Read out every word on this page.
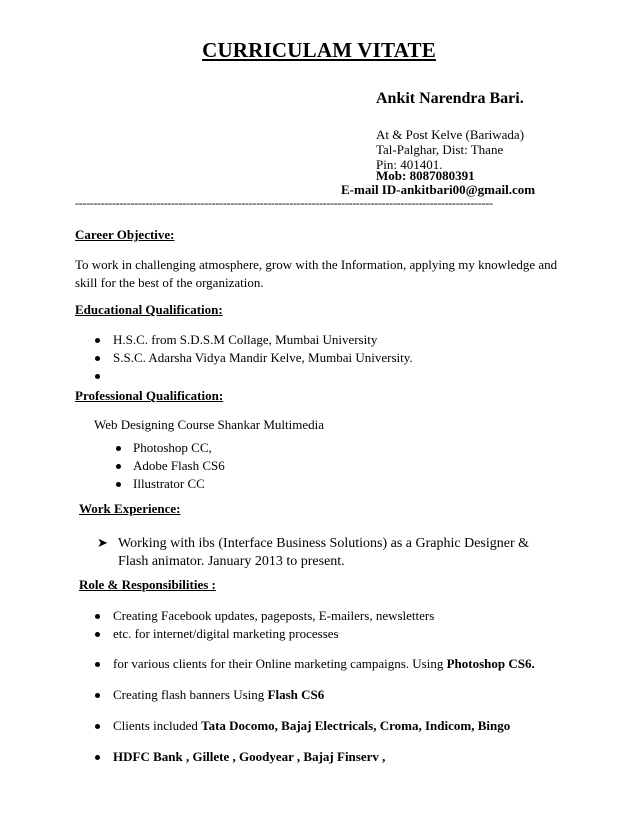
CURRICULAM VITATE
Ankit Narendra Bari.
At & Post Kelve (Bariwada)
Tal-Palghar, Dist: Thane
Pin: 401401.
Mob: 8087080391
E-mail ID-ankitbari00@gmail.com
-----------------------------------------------------------------------------------------------------------------
Career Objective:
To work in challenging atmosphere, grow with the Information, applying my knowledge and skill for the best of the organization.
Educational Qualification:
H.S.C. from S.D.S.M Collage, Mumbai University
S.S.C. Adarsha Vidya Mandir Kelve, Mumbai University.
Professional Qualification:
Web Designing Course Shankar Multimedia
Photoshop CC,
Adobe Flash CS6
Illustrator CC
Work Experience:
➤ Working with ibs (Interface Business Solutions) as a Graphic Designer & Flash animator. January 2013 to present.
Role & Responsibilities :
Creating Facebook updates, pageposts, E-mailers, newsletters
etc. for internet/digital marketing processes
for various clients for their Online marketing campaigns. Using Photoshop CS6.
Creating flash banners Using Flash CS6
Clients included Tata Docomo, Bajaj Electricals, Croma, Indicom, Bingo
HDFC Bank , Gillete , Goodyear , Bajaj Finserv ,
